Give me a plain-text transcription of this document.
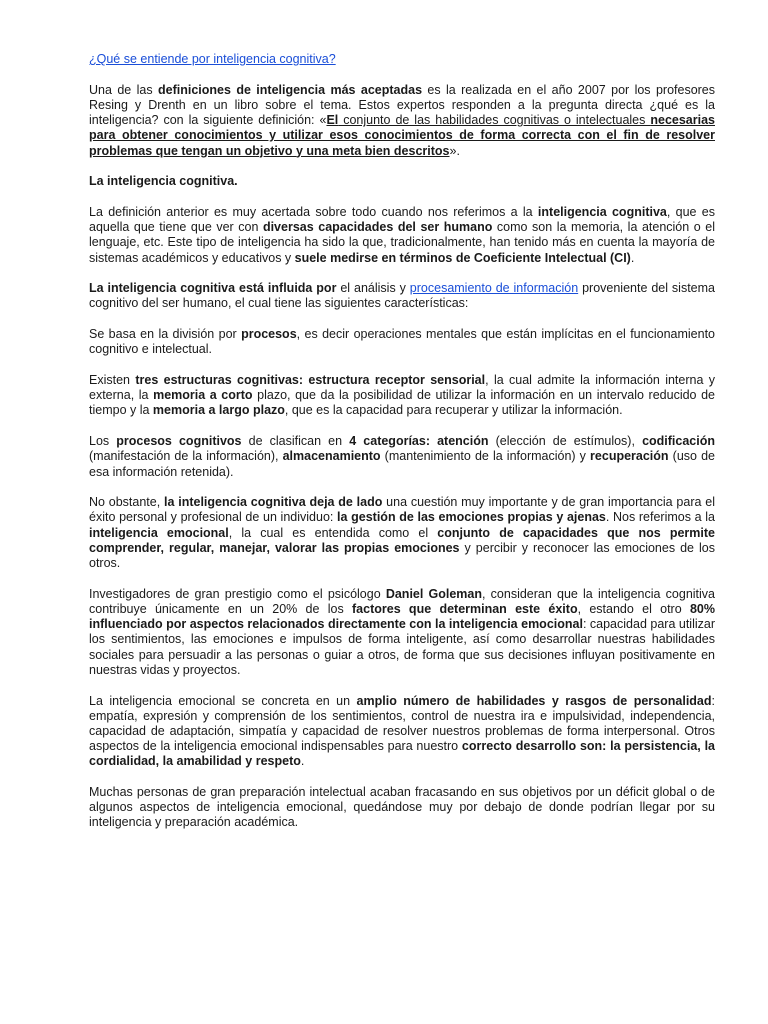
¿Qué se entiende por inteligencia cognitiva?

Una de las definiciones de inteligencia más aceptadas es la realizada en el año 2007 por los profesores Resing y Drenth en un libro sobre el tema. Estos expertos responden a la pregunta directa ¿qué es la inteligencia? con la siguiente definición: «El conjunto de las habilidades cognitivas o intelectuales necesarias para obtener conocimientos y utilizar esos conocimientos de forma correcta con el fin de resolver problemas que tengan un objetivo y una meta bien descritos».

La inteligencia cognitiva.

La definición anterior es muy acertada sobre todo cuando nos referimos a la inteligencia cognitiva, que es aquella que tiene que ver con diversas capacidades del ser humano como son la memoria, la atención o el lenguaje, etc. Este tipo de inteligencia ha sido la que, tradicionalmente, han tenido más en cuenta la mayoría de sistemas académicos y educativos y suele medirse en términos de Coeficiente Intelectual (CI).

La inteligencia cognitiva está influida por el análisis y procesamiento de información proveniente del sistema cognitivo del ser humano, el cual tiene las siguientes características:

Se basa en la división por procesos, es decir operaciones mentales que están implícitas en el funcionamiento cognitivo e intelectual.

Existen tres estructuras cognitivas: estructura receptor sensorial, la cual admite la información interna y externa, la memoria a corto plazo, que da la posibilidad de utilizar la información en un intervalo reducido de tiempo y la memoria a largo plazo, que es la capacidad para recuperar y utilizar la información.

Los procesos cognitivos de clasifican en 4 categorías: atención (elección de estímulos), codificación (manifestación de la información), almacenamiento (mantenimiento de la información) y recuperación (uso de esa información retenida).

No obstante, la inteligencia cognitiva deja de lado una cuestión muy importante y de gran importancia para el éxito personal y profesional de un individuo: la gestión de las emociones propias y ajenas. Nos referimos a la inteligencia emocional, la cual es entendida como el conjunto de capacidades que nos permite comprender, regular, manejar, valorar las propias emociones y percibir y reconocer las emociones de los otros.

Investigadores de gran prestigio como el psicólogo Daniel Goleman, consideran que la inteligencia cognitiva contribuye únicamente en un 20% de los factores que determinan este éxito, estando el otro 80% influenciado por aspectos relacionados directamente con la inteligencia emocional: capacidad para utilizar los sentimientos, las emociones e impulsos de forma inteligente, así como desarrollar nuestras habilidades sociales para persuadir a las personas o guiar a otros, de forma que sus decisiones influyan positivamente en nuestras vidas y proyectos.

La inteligencia emocional se concreta en un amplio número de habilidades y rasgos de personalidad: empatía, expresión y comprensión de los sentimientos, control de nuestra ira e impulsividad, independencia, capacidad de adaptación, simpatía y capacidad de resolver nuestros problemas de forma interpersonal. Otros aspectos de la inteligencia emocional indispensables para nuestro correcto desarrollo son: la persistencia, la cordialidad, la amabilidad y respeto.

Muchas personas de gran preparación intelectual acaban fracasando en sus objetivos por un déficit global o de algunos aspectos de inteligencia emocional, quedándose muy por debajo de donde podrían llegar por su inteligencia y preparación académica.
